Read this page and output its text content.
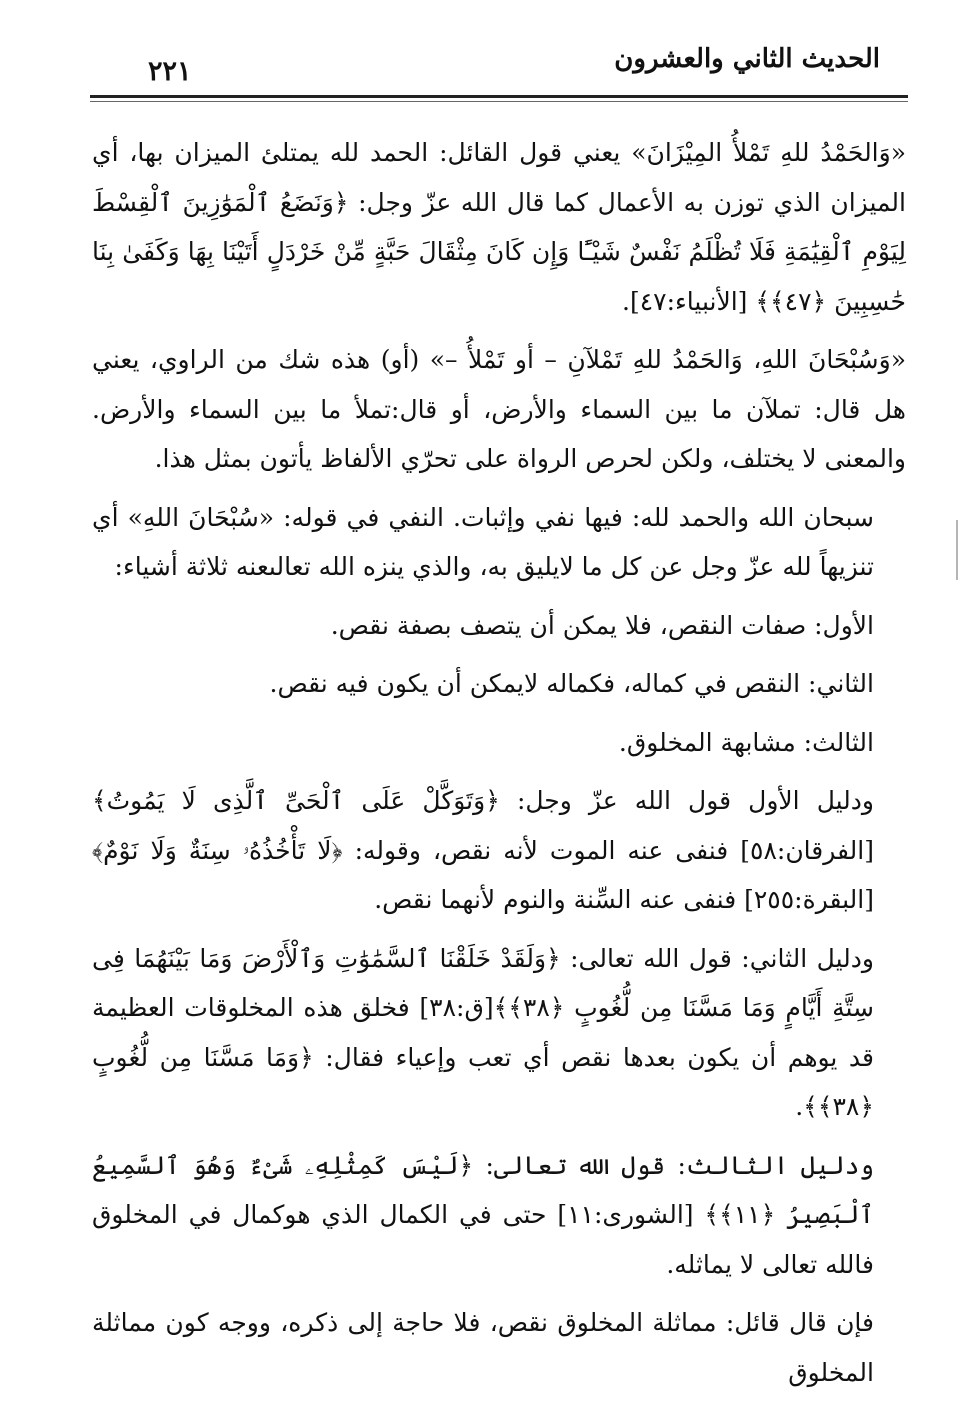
الحديث الثاني والعشرون
٢٢١

«وَالحَمْدُ للهِ تَمْلأُ المِيْزَانَ» يعني قول القائل: الحمد لله يمتلئ الميزان بها، أي الميزان الذي توزن به الأعمال كما قال الله عزّ وجل: ﴿وَنَضَعُ ٱلْمَوَٰزِينَ ٱلْقِسْطَ لِيَوْمِ ٱلْقِيَٰمَةِ فَلَا تُظْلَمُ نَفْسٌ شَيْـًٔا وَإِن كَانَ مِثْقَالَ حَبَّةٍ مِّنْ خَرْدَلٍ أَتَيْنَا بِهَا وَكَفَىٰ بِنَا حَٰسِبِينَ ﴿٤٧﴾﴾ [الأنبياء:٤٧].

«وَسُبْحَانَ اللهِ، وَالحَمْدُ للهِ تَمْلآنِ – أو تَمْلأُ –» (أو) هذه شك من الراوي، يعني هل قال: تملآن ما بين السماء والأرض، أو قال:تملأ ما بين السماء والأرض. والمعنى لا يختلف، ولكن لحرص الرواة على تحرّي الألفاظ يأتون بمثل هذا.

سبحان الله والحمد لله: فيها نفي وإثبات. النفي في قوله: «سُبْحَانَ اللهِ» أي تنزيهاً لله عزّ وجل عن كل ما لايليق به، والذي ينزه الله تعالىعنه ثلاثة أشياء:

الأول: صفات النقص، فلا يمكن أن يتصف بصفة نقص.

الثاني: النقص في كماله، فكماله لايمكن أن يكون فيه نقص.

الثالث: مشابهة المخلوق.

ودليل الأول قول الله عزّ وجل: ﴿وَتَوَكَّلْ عَلَى ٱلْحَىِّ ٱلَّذِى لَا يَمُوتُ﴾[الفرقان:٥٨] فنفى عنه الموت لأنه نقص، وقوله: ﴿لَا تَأْخُذُهُۥ سِنَةٌ وَلَا نَوْمٌ﴾[البقرة:٢٥٥] فنفى عنه السِّنة والنوم لأنهما نقص.

ودليل الثاني: قول الله تعالى: ﴿وَلَقَدْ خَلَقْنَا ٱلسَّمَٰوَٰتِ وَٱلْأَرْضَ وَمَا بَيْنَهُمَا فِى سِتَّةِ أَيَّامٍ وَمَا مَسَّنَا مِن لُّغُوبٍ ﴿٣٨﴾﴾[ق:٣٨] فخلق هذه المخلوقات العظيمة قد يوهم أن يكون بعدها نقص أي تعب وإعياء فقال: ﴿وَمَا مَسَّنَا مِن لُّغُوبٍ ﴿٣٨﴾﴾.

ودليل الثالث: قول الله تعالى: ﴿لَيْسَ كَمِثْلِهِۦ شَىْءٌ وَهُوَ ٱلسَّمِيعُ ٱلْبَصِيرُ ﴿١١﴾﴾ [الشورى:١١] حتى في الكمال الذي هوكمال في المخلوق فالله تعالى لا يماثله.

فإن قال قائل: مماثلة المخلوق نقص، فلا حاجة إلى ذكره، ووجه كون مماثلة المخلوق
